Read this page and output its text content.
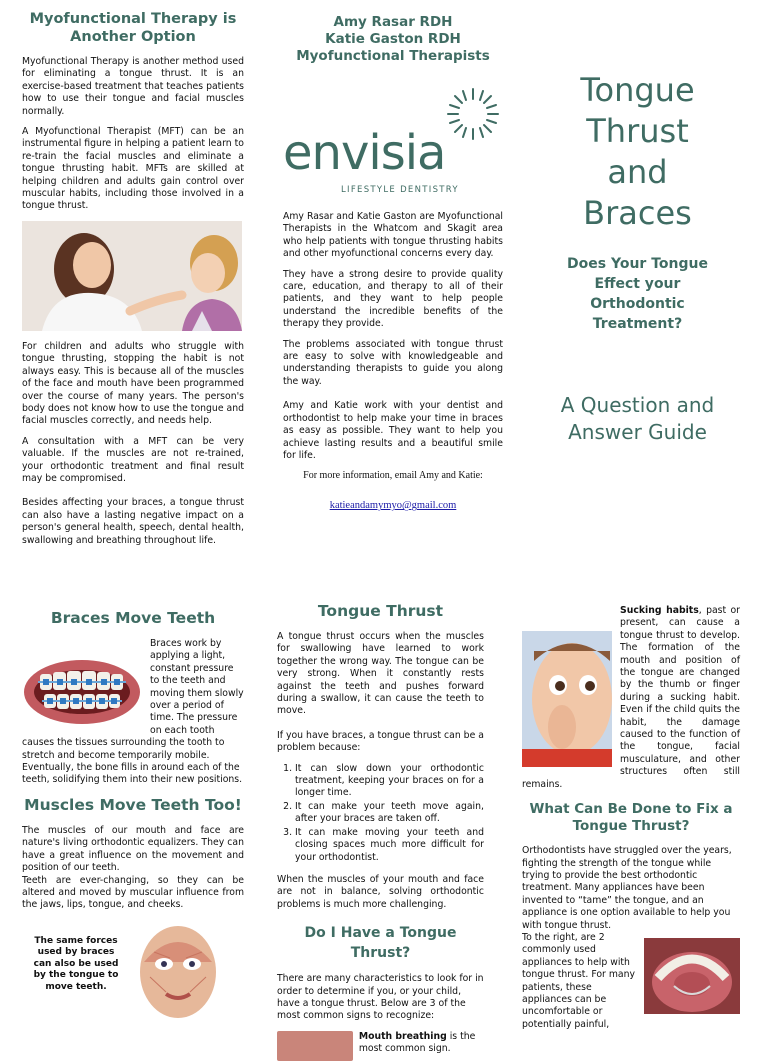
Myofunctional Therapy is Another Option

Myofunctional Therapy is another method used for eliminating a tongue thrust. It is an exercise-based treatment that teaches patients how to use their tongue and facial muscles normally.

A Myofunctional Therapist (MFT) can be an instrumental figure in helping a patient learn to re-train the facial muscles and eliminate a tongue thrusting habit. MFTs are skilled at helping children and adults gain control over muscular habits, including those involved in a tongue thrust.

For children and adults who struggle with tongue thrusting, stopping the habit is not always easy. This is because all of the muscles of the face and mouth have been programmed over the course of many years. The person's body does not know how to use the tongue and facial muscles correctly, and needs help.

A consultation with a MFT can be very valuable. If the muscles are not re-trained, your orthodontic treatment and final result may be compromised.

Besides affecting your braces, a tongue thrust can also have a lasting negative impact on a person's general health, speech, dental health, swallowing and breathing throughout life.

Amy Rasar RDH
Katie Gaston RDH
Myofunctional Therapists
envisia
LIFESTYLE DENTISTRY

Amy Rasar and Katie Gaston are Myofunctional Therapists in the Whatcom and Skagit area who help patients with tongue thrusting habits and other myofunctional concerns every day.

They have a strong desire to provide quality care, education, and therapy to all of their patients, and they want to help people understand the incredible benefits of the therapy they provide.

The problems associated with tongue thrust are easy to solve with knowledgeable and understanding therapists to guide you along the way.

Amy and Katie work with your dentist and orthodontist to help make your time in braces as easy as possible. They want to help you achieve lasting results and a beautiful smile for life.

For more information, email Amy and Katie:
katieandamymyo@gmail.com
Tongue
Thrust
and
Braces
Does Your Tongue Effect your Orthodontic Treatment?
A Question and Answer Guide
Braces Move Teeth

Braces work by applying a light, constant pressure to the teeth and moving them slowly over a period of time. The pressure on each tooth causes the tissues surrounding the tooth to stretch and become temporarily mobile. Eventually, the bone fills in around each of the teeth, solidifying them into their new positions.

Muscles Move Teeth Too!

The muscles of our mouth and face are nature's living orthodontic equalizers. They can have a great influence on the movement and position of our teeth.

Teeth are ever-changing, so they can be altered and moved by muscular influence from the jaws, lips, tongue, and cheeks.

The same forces used by braces can also be used by the tongue to move teeth.
Tongue Thrust

A tongue thrust occurs when the muscles for swallowing have learned to work together the wrong way. The tongue can be very strong. When it constantly rests against the teeth and pushes forward during a swallow, it can cause the teeth to move.

If you have braces, a tongue thrust can be a problem because:

1. It can slow down your orthodontic treatment, keeping your braces on for a longer time.
2. It can make your teeth move again, after your braces are taken off.
3. It can make moving your teeth and closing spaces much more difficult for your orthodontist.

When the muscles of your mouth and face are not in balance, solving orthodontic problems is much more challenging.

Do I Have a Tongue Thrust?

There are many characteristics to look for in order to determine if you, or your child, have a tongue thrust. Below are 3 of the most common signs to recognize:

Mouth breathing is the most common sign.

Sucking habits, past or present, can cause a tongue thrust to develop. The formation of the mouth and position of the tongue are changed by the thumb or finger during a sucking habit. Even if the child quits the habit, the damage caused to the function of the tongue, facial musculature, and other structures often still remains.

What Can Be Done to Fix a Tongue Thrust?

Orthodontists have struggled over the years, fighting the strength of the tongue while trying to provide the best orthodontic treatment. Many appliances have been invented to “tame” the tongue, and an appliance is one option available to help you with tongue thrust.

To the right, are 2 commonly used appliances to help with tongue thrust. For many patients, these appliances can be uncomfortable or potentially painful,
